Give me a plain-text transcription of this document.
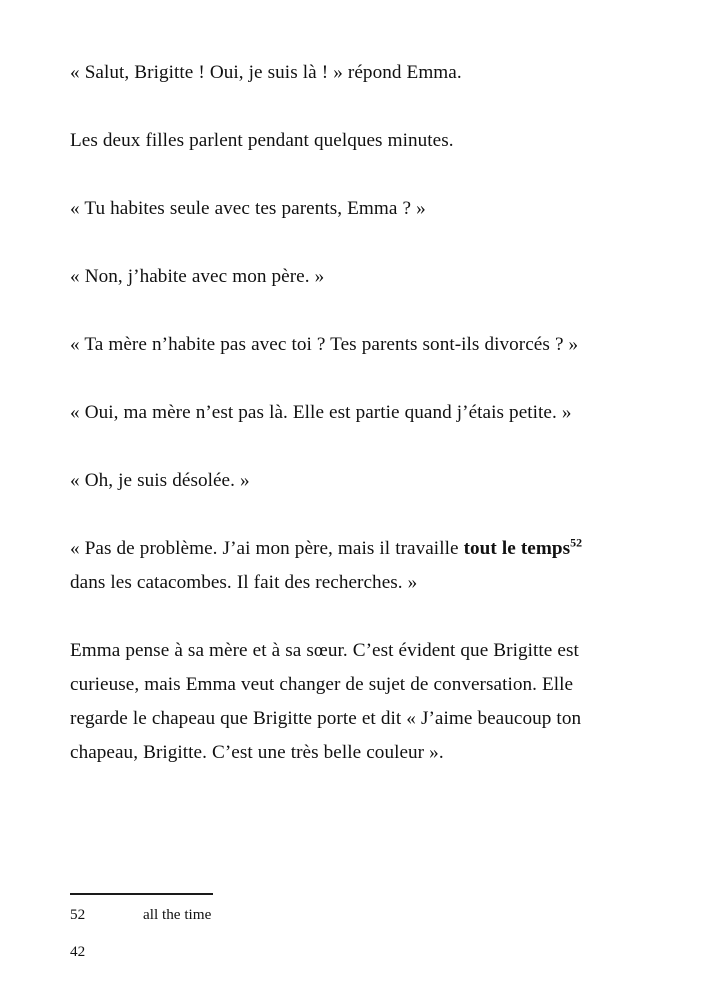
« Salut, Brigitte ! Oui, je suis là ! » répond Emma.

Les deux filles parlent pendant quelques minutes.

« Tu habites seule avec tes parents, Emma ? »

« Non, j’habite avec mon père. »

« Ta mère n’habite pas avec toi ? Tes parents sont-ils divorcés ? »

« Oui, ma mère n’est pas là. Elle est partie quand j’étais petite. »

« Oh, je suis désolée. »

« Pas de problème. J’ai mon père, mais il travaille tout le temps$^{52}$ dans les catacombes. Il fait des recherches. »

Emma pense à sa mère et à sa sœur. C’est évident que Brigitte est curieuse, mais Emma veut changer de sujet de conversation. Elle regarde le chapeau que Brigitte porte et dit « J’aime beaucoup ton chapeau, Brigitte. C’est une très belle couleur ».

52	all the time
42
